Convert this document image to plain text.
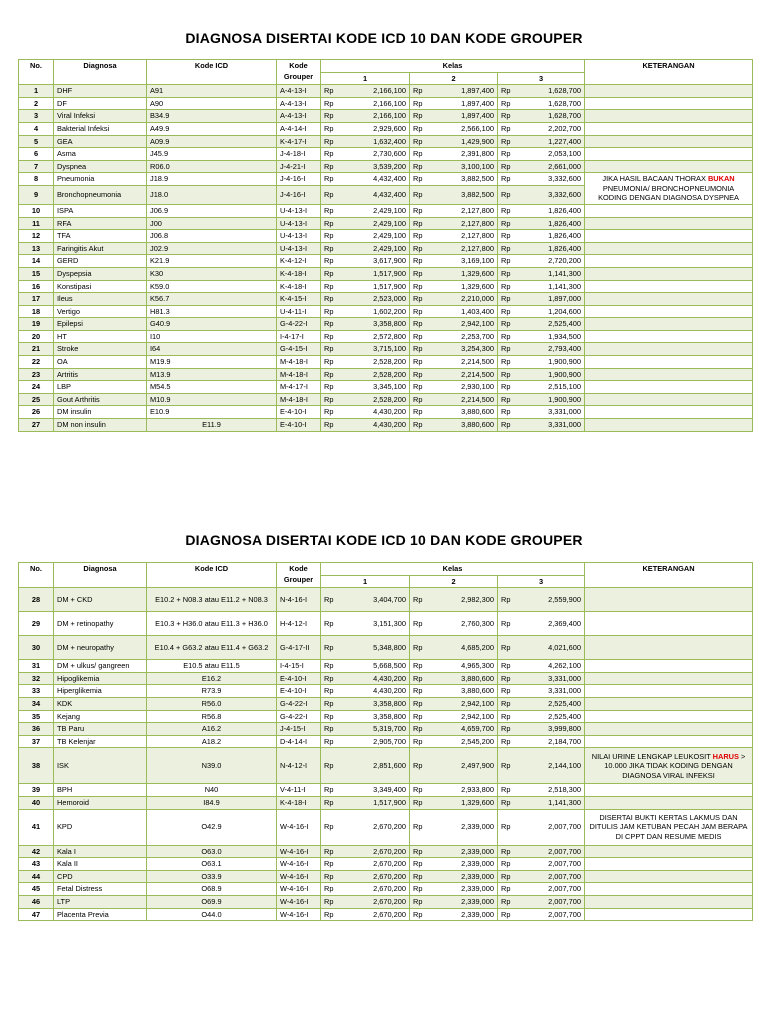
DIAGNOSA DISERTAI KODE ICD 10 DAN KODE GROUPER
No.	Diagnosa	Kode ICD	Kode
Grouper	Kelas						KETERANGAN
				1		2		3		
1	DHF	A91	A-4-13-I	Rp	2,166,100	Rp	1,897,400	Rp	1,628,700	
2	DF	A90	A-4-13-I	Rp	2,166,100	Rp	1,897,400	Rp	1,628,700	
3	Viral Infeksi	B34.9	A-4-13-I	Rp	2,166,100	Rp	1,897,400	Rp	1,628,700	
4	Bakterial Infeksi	A49.9	A-4-14-I	Rp	2,929,600	Rp	2,566,100	Rp	2,202,700	
5	GEA	A09.9	K-4-17-I	Rp	1,632,400	Rp	1,429,900	Rp	1,227,400	
6	Asma	J45.9	J-4-18-I	Rp	2,730,600	Rp	2,391,800	Rp	2,053,100	
7	Dyspnea	R06.0	J-4-21-I	Rp	3,539,200	Rp	3,100,100	Rp	2,661,000	
8	Pneumonia	J18.9	J-4-16-I	Rp	4,432,400	Rp	3,882,500	Rp	3,332,600	JIKA HASIL BACAAN THORAX BUKAN PNEUMONIA/ BRONCHOPNEUMONIA KODING DENGAN DIAGNOSA DYSPNEA
9	Bronchopneumonia	J18.0	J-4-16-I	Rp	4,432,400	Rp	3,882,500	Rp	3,332,600	
10	ISPA	J06.9	U-4-13-I	Rp	2,429,100	Rp	2,127,800	Rp	1,826,400	
11	RFA	J00	U-4-13-I	Rp	2,429,100	Rp	2,127,800	Rp	1,826,400	
12	TFA	J06.8	U-4-13-I	Rp	2,429,100	Rp	2,127,800	Rp	1,826,400	
13	Faringitis Akut	J02.9	U-4-13-I	Rp	2,429,100	Rp	2,127,800	Rp	1,826,400	
14	GERD	K21.9	K-4-12-I	Rp	3,617,900	Rp	3,169,100	Rp	2,720,200	
15	Dyspepsia	K30	K-4-18-I	Rp	1,517,900	Rp	1,329,600	Rp	1,141,300	
16	Konstipasi	K59.0	K-4-18-I	Rp	1,517,900	Rp	1,329,600	Rp	1,141,300	
17	Ileus	K56.7	K-4-15-I	Rp	2,523,000	Rp	2,210,000	Rp	1,897,000	
18	Vertigo	H81.3	U-4-11-I	Rp	1,602,200	Rp	1,403,400	Rp	1,204,600	
19	Epilepsi	G40.9	G-4-22-I	Rp	3,358,800	Rp	2,942,100	Rp	2,525,400	
20	HT	I10	I-4-17-I	Rp	2,572,800	Rp	2,253,700	Rp	1,934,500	
21	Stroke	I64	G-4-15-I	Rp	3,715,100	Rp	3,254,300	Rp	2,793,400	
22	OA	M19.9	M-4-18-I	Rp	2,528,200	Rp	2,214,500	Rp	1,900,900	
23	Artritis	M13.9	M-4-18-I	Rp	2,528,200	Rp	2,214,500	Rp	1,900,900	
24	LBP	M54.5	M-4-17-I	Rp	3,345,100	Rp	2,930,100	Rp	2,515,100	
25	Gout Arthritis	M10.9	M-4-18-I	Rp	2,528,200	Rp	2,214,500	Rp	1,900,900	
26	DM insulin	E10.9	E-4-10-I	Rp	4,430,200	Rp	3,880,600	Rp	3,331,000	
27	DM non insulin	E11.9	E-4-10-I	Rp	4,430,200	Rp	3,880,600	Rp	3,331,000	
DIAGNOSA DISERTAI KODE ICD 10 DAN KODE GROUPER
No.	Diagnosa	Kode ICD	Kode
Grouper	Kelas						KETERANGAN
				1		2		3		
28	DM + CKD	E10.2 + N08.3 atau E11.2 + N08.3	N-4-16-I	Rp	3,404,700	Rp	2,982,300	Rp	2,559,900	
29	DM + retinopathy	E10.3 + H36.0 atau E11.3 + H36.0	H-4-12-I	Rp	3,151,300	Rp	2,760,300	Rp	2,369,400	
30	DM + neuropathy	E10.4 + G63.2 atau E11.4 + G63.2	G-4-17-II	Rp	5,348,800	Rp	4,685,200	Rp	4,021,600	
31	DM + ulkus/ gangreen	E10.5 atau E11.5	I-4-15-I	Rp	5,668,500	Rp	4,965,300	Rp	4,262,100	
32	Hipoglikemia	E16.2	E-4-10-I	Rp	4,430,200	Rp	3,880,600	Rp	3,331,000	
33	Hiperglikemia	R73.9	E-4-10-I	Rp	4,430,200	Rp	3,880,600	Rp	3,331,000	
34	KDK	R56.0	G-4-22-I	Rp	3,358,800	Rp	2,942,100	Rp	2,525,400	
35	Kejang	R56.8	G-4-22-I	Rp	3,358,800	Rp	2,942,100	Rp	2,525,400	
36	TB Paru	A16.2	J-4-15-I	Rp	5,319,700	Rp	4,659,700	Rp	3,999,800	
37	TB Kelenjar	A18.2	D-4-14-I	Rp	2,905,700	Rp	2,545,200	Rp	2,184,700	
38	ISK	N39.0	N-4-12-I	Rp	2,851,600	Rp	2,497,900	Rp	2,144,100	NILAI URINE LENGKAP LEUKOSIT HARUS > 10.000 JIKA TIDAK KODING DENGAN DIAGNOSA VIRAL INFEKSI
39	BPH	N40	V-4-11-I	Rp	3,349,400	Rp	2,933,800	Rp	2,518,300	
40	Hemoroid	I84.9	K-4-18-I	Rp	1,517,900	Rp	1,329,600	Rp	1,141,300	
41	KPD	O42.9	W-4-16-I	Rp	2,670,200	Rp	2,339,000	Rp	2,007,700	DISERTAI BUKTI KERTAS LAKMUS DAN DITULIS JAM KETUBAN PECAH JAM BERAPA DI CPPT DAN RESUME MEDIS
42	Kala I	O63.0	W-4-16-I	Rp	2,670,200	Rp	2,339,000	Rp	2,007,700	
43	Kala II	O63.1	W-4-16-I	Rp	2,670,200	Rp	2,339,000	Rp	2,007,700	
44	CPD	O33.9	W-4-16-I	Rp	2,670,200	Rp	2,339,000	Rp	2,007,700	
45	Fetal Distress	O68.9	W-4-16-I	Rp	2,670,200	Rp	2,339,000	Rp	2,007,700	
46	LTP	O69.9	W-4-16-I	Rp	2,670,200	Rp	2,339,000	Rp	2,007,700	
47	Placenta Previa	O44.0	W-4-16-I	Rp	2,670,200	Rp	2,339,000	Rp	2,007,700	
